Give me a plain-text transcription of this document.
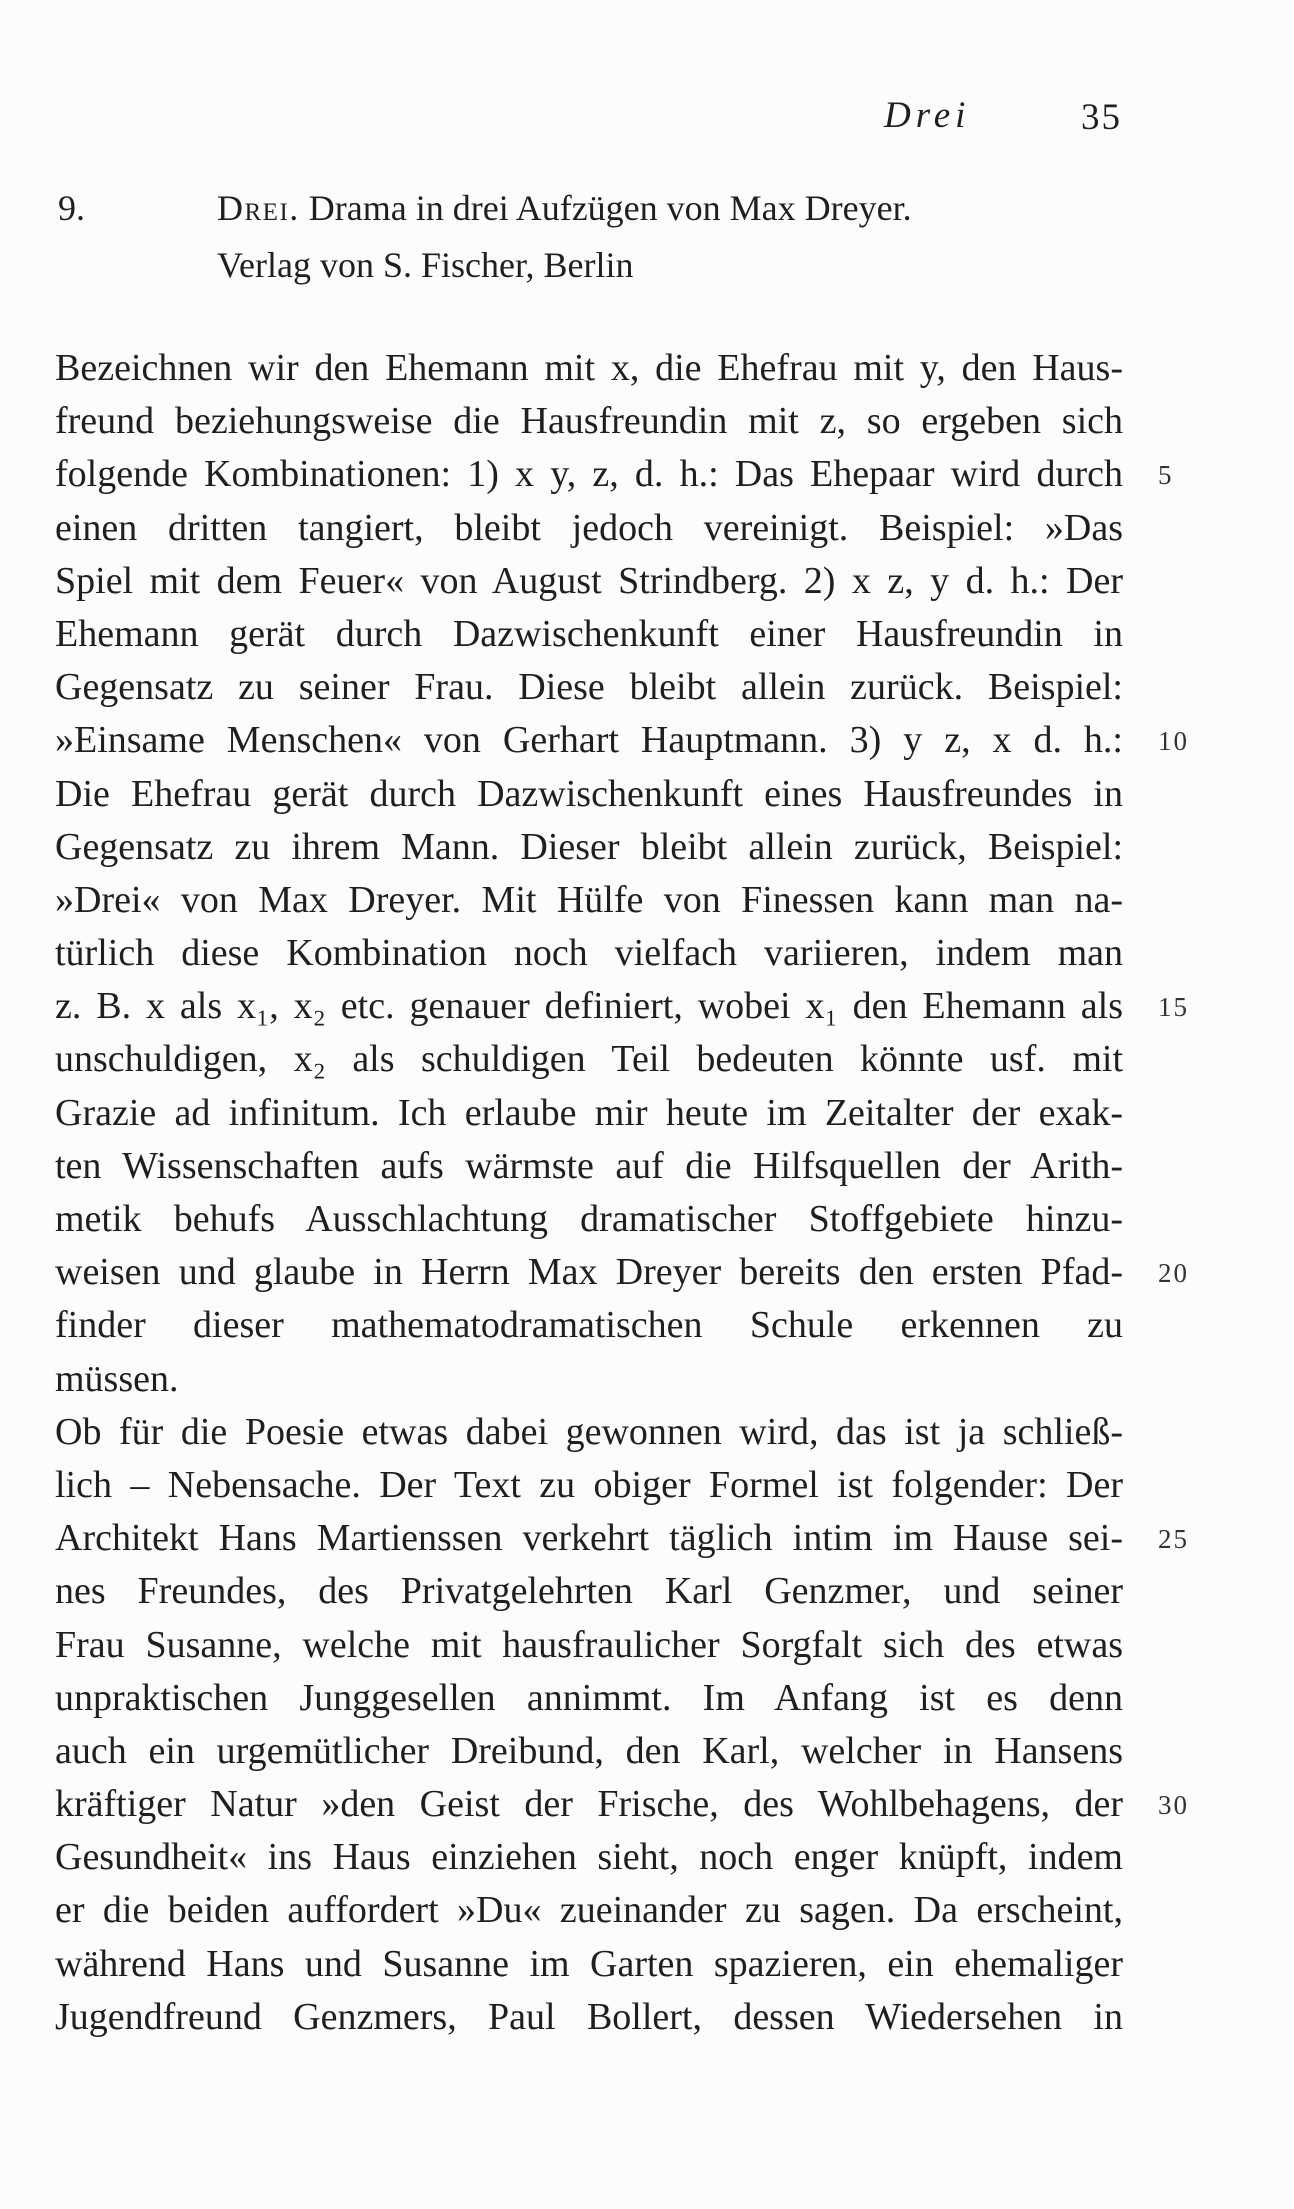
Drei	35
9.	Drei. Drama in drei Aufzügen von Max Dreyer.
Verlag von S. Fischer, Berlin
Bezeichnen wir den Ehemann mit x, die Ehefrau mit y, den Haus-
freund beziehungsweise die Hausfreundin mit z, so ergeben sich
folgende Kombinationen: 1) x y, z, d. h.: Das Ehepaar wird durch 5
einen dritten tangiert, bleibt jedoch vereinigt. Beispiel: »Das
Spiel mit dem Feuer« von August Strindberg. 2) x z, y d. h.: Der
Ehemann gerät durch Dazwischenkunft einer Hausfreundin in
Gegensatz zu seiner Frau. Diese bleibt allein zurück. Beispiel:
»Einsame Menschen« von Gerhart Hauptmann. 3) y z, x d. h.: 10
Die Ehefrau gerät durch Dazwischenkunft eines Hausfreundes in
Gegensatz zu ihrem Mann. Dieser bleibt allein zurück, Beispiel:
»Drei« von Max Dreyer. Mit Hülfe von Finessen kann man na-
türlich diese Kombination noch vielfach variieren, indem man
z. B. x als x₁, x₂ etc. genauer definiert, wobei x₁ den Ehemann als 15
unschuldigen, x₂ als schuldigen Teil bedeuten könnte usf. mit
Grazie ad infinitum. Ich erlaube mir heute im Zeitalter der exak-
ten Wissenschaften aufs wärmste auf die Hilfsquellen der Arith-
metik behufs Ausschlachtung dramatischer Stoffgebiete hinzu-
weisen und glaube in Herrn Max Dreyer bereits den ersten Pfad- 20
finder dieser mathematodramatischen Schule erkennen zu
müssen.
Ob für die Poesie etwas dabei gewonnen wird, das ist ja schließ-
lich – Nebensache. Der Text zu obiger Formel ist folgender: Der
Architekt Hans Martienssen verkehrt täglich intim im Hause sei- 25
nes Freundes, des Privatgelehrten Karl Genzmer, und seiner
Frau Susanne, welche mit hausfraulicher Sorgfalt sich des etwas
unpraktischen Junggesellen annimmt. Im Anfang ist es denn
auch ein urgemütlicher Dreibund, den Karl, welcher in Hansens
kräftiger Natur »den Geist der Frische, des Wohlbehagens, der 30
Gesundheit« ins Haus einziehen sieht, noch enger knüpft, indem
er die beiden auffordert »Du« zueinander zu sagen. Da erscheint,
während Hans und Susanne im Garten spazieren, ein ehemaliger
Jugendfreund Genzmers, Paul Bollert, dessen Wiedersehen in
